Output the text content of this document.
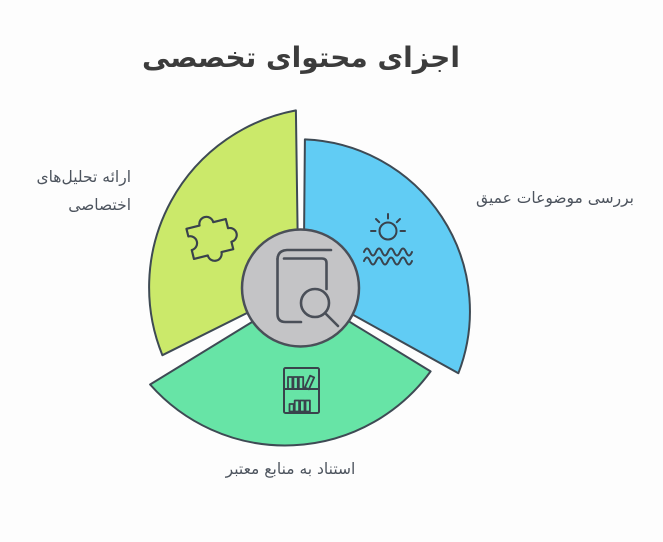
اجزای محتوای تخصصی
بررسی موضوعات عمیق
ارائه تحلیل‌های
اختصاصی
استناد به منابع معتبر
